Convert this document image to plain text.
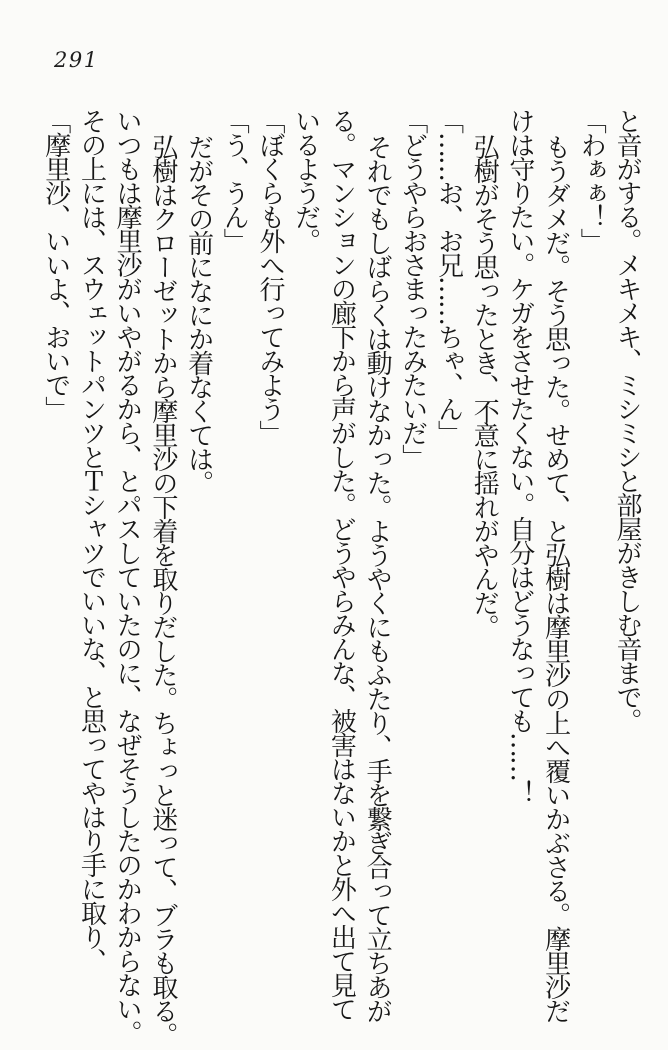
291

と音がする。メキメキ、ミシミシと部屋がきしむ音まで。

「わぁぁ！」

もうダメだ。そう思った。せめて、と弘樹は摩里沙の上へ覆いかぶさる。摩里沙だ

けは守りたい。ケガをさせたくない。自分はどうなっても……！

弘樹がそう思ったとき、不意に揺れがやんだ。

「……お、お兄……ちゃ、ん」

「どうやらおさまったみたいだ」

それでもしばらくは動けなかった。ようやくにもふたり、手を繋ぎ合って立ちあが

る。マンションの廊下から声がした。どうやらみんな、被害はないかと外へ出て見て

いるようだ。

「ぼくらも外へ行ってみよう」

「う、うん」

だがその前になにか着なくては。

弘樹はクローゼットから摩里沙の下着を取りだした。ちょっと迷って、ブラも取る。

いつもは摩里沙がいやがるから、とパスしていたのに、なぜそうしたのかわからない。

その上には、スウェットパンツとＴシャツでいいな、と思ってやはり手に取り、

「摩里沙、いいよ、おいで」
